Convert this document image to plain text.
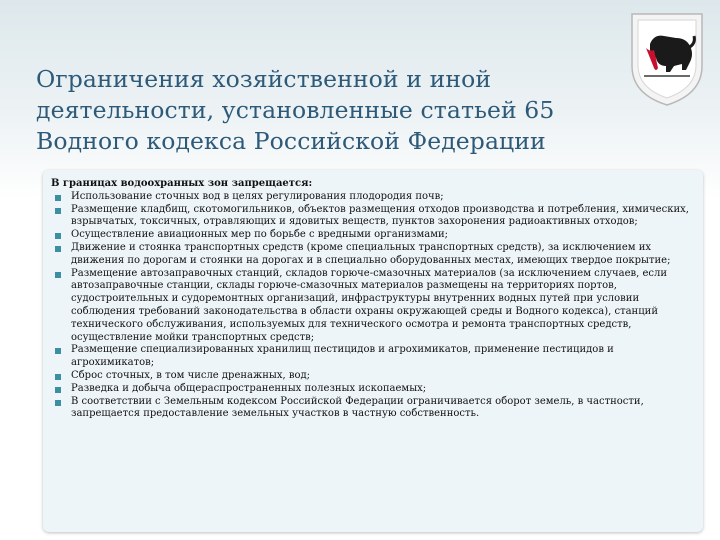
Ограничения хозяйственной и иной деятельности, установленные статьей 65 Водного кодекса Российской Федерации
В границах водоохранных зон запрещается:
Использование сточных вод в целях регулирования плодородия почв;
Размещение кладбищ, скотомогильников, объектов размещения отходов производства и потребления, химических, взрывчатых, токсичных, отравляющих и ядовитых веществ, пунктов захоронения радиоактивных отходов;
Осуществление авиационных мер по борьбе с вредными организмами;
Движение и стоянка транспортных средств (кроме специальных транспортных средств), за исключением их движения по дорогам и стоянки на дорогах и в специально оборудованных местах, имеющих твердое покрытие;
Размещение автозаправочных станций, складов горюче-смазочных материалов (за исключением случаев, если автозаправочные станции, склады горюче-смазочных материалов размещены на территориях портов, судостроительных и судоремонтных организаций, инфраструктуры внутренних водных путей при условии соблюдения требований законодательства в области охраны окружающей среды и Водного кодекса), станций технического обслуживания, используемых для технического осмотра и ремонта транспортных средств, осуществление мойки транспортных средств;
Размещение специализированных хранилищ пестицидов и агрохимикатов, применение пестицидов и агрохимикатов;
Сброс сточных, в том числе дренажных, вод;
Разведка и добыча общераспространенных полезных ископаемых;
В соответствии с Земельным кодексом Российской Федерации ограничивается оборот земель, в частности, запрещается предоставление земельных участков в частную собственность.
